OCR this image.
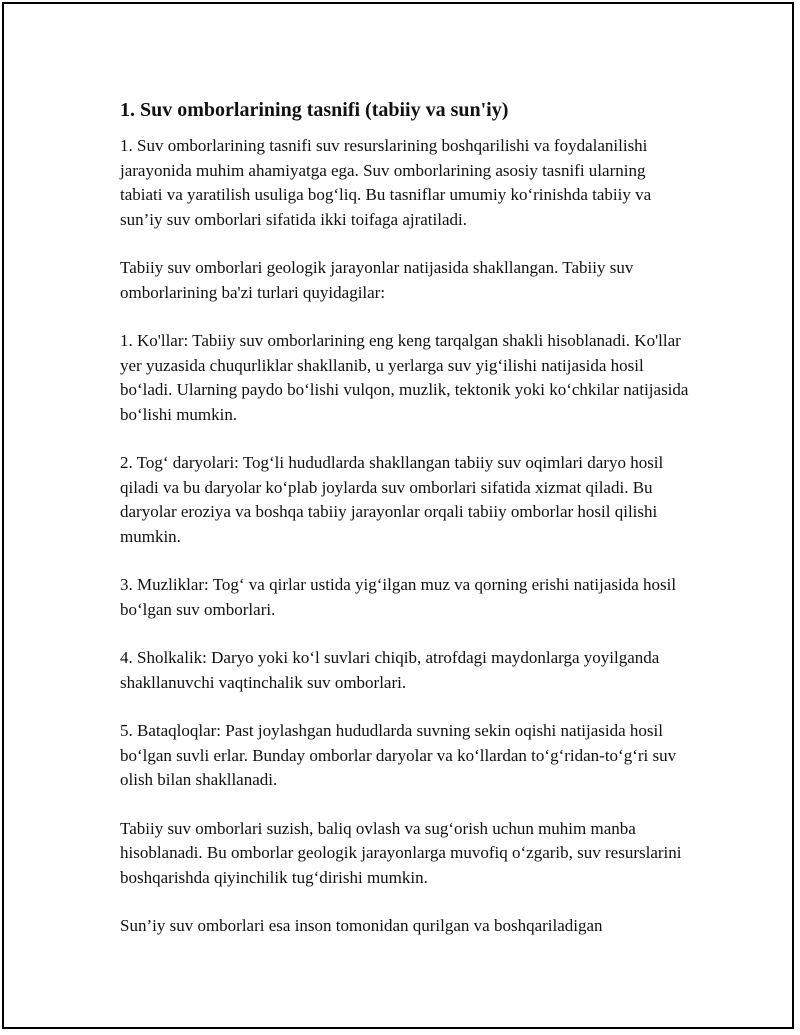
1. Suv omborlarining tasnifi (tabiiy va sun'iy)

1. Suv omborlarining tasnifi suv resurslarining boshqarilishi va foydalanilishi jarayonida muhim ahamiyatga ega. Suv omborlarining asosiy tasnifi ularning tabiati va yaratilish usuliga bog‘liq. Bu tasniflar umumiy ko‘rinishda tabiiy va sun’iy suv omborlari sifatida ikki toifaga ajratiladi.

Tabiiy suv omborlari geologik jarayonlar natijasida shakllangan. Tabiiy suv omborlarining ba'zi turlari quyidagilar:

1. Ko'llar: Tabiiy suv omborlarining eng keng tarqalgan shakli hisoblanadi. Ko'llar yer yuzasida chuqurliklar shakllanib, u yerlarga suv yig‘ilishi natijasida hosil bo‘ladi. Ularning paydo bo‘lishi vulqon, muzlik, tektonik yoki ko‘chkilar natijasida bo‘lishi mumkin.

2. Tog‘ daryolari: Tog‘li hududlarda shakllangan tabiiy suv oqimlari daryo hosil qiladi va bu daryolar ko‘plab joylarda suv omborlari sifatida xizmat qiladi. Bu daryolar eroziya va boshqa tabiiy jarayonlar orqali tabiiy omborlar hosil qilishi mumkin.

3. Muzliklar: Tog‘ va qirlar ustida yig‘ilgan muz va qorning erishi natijasida hosil bo‘lgan suv omborlari.

4. Sholkalik: Daryo yoki ko‘l suvlari chiqib, atrofdagi maydonlarga yoyilganda shakllanuvchi vaqtinchalik suv omborlari.

5. Bataqloqlar: Past joylashgan hududlarda suvning sekin oqishi natijasida hosil bo‘lgan suvli erlar. Bunday omborlar daryolar va ko‘llardan to‘g‘ridan-to‘g‘ri suv olish bilan shakllanadi.

Tabiiy suv omborlari suzish, baliq ovlash va sug‘orish uchun muhim manba hisoblanadi. Bu omborlar geologik jarayonlarga muvofiq o‘zgarib, suv resurslarini boshqarishda qiyinchilik tug‘dirishi mumkin.

Sun’iy suv omborlari esa inson tomonidan qurilgan va boshqariladigan
